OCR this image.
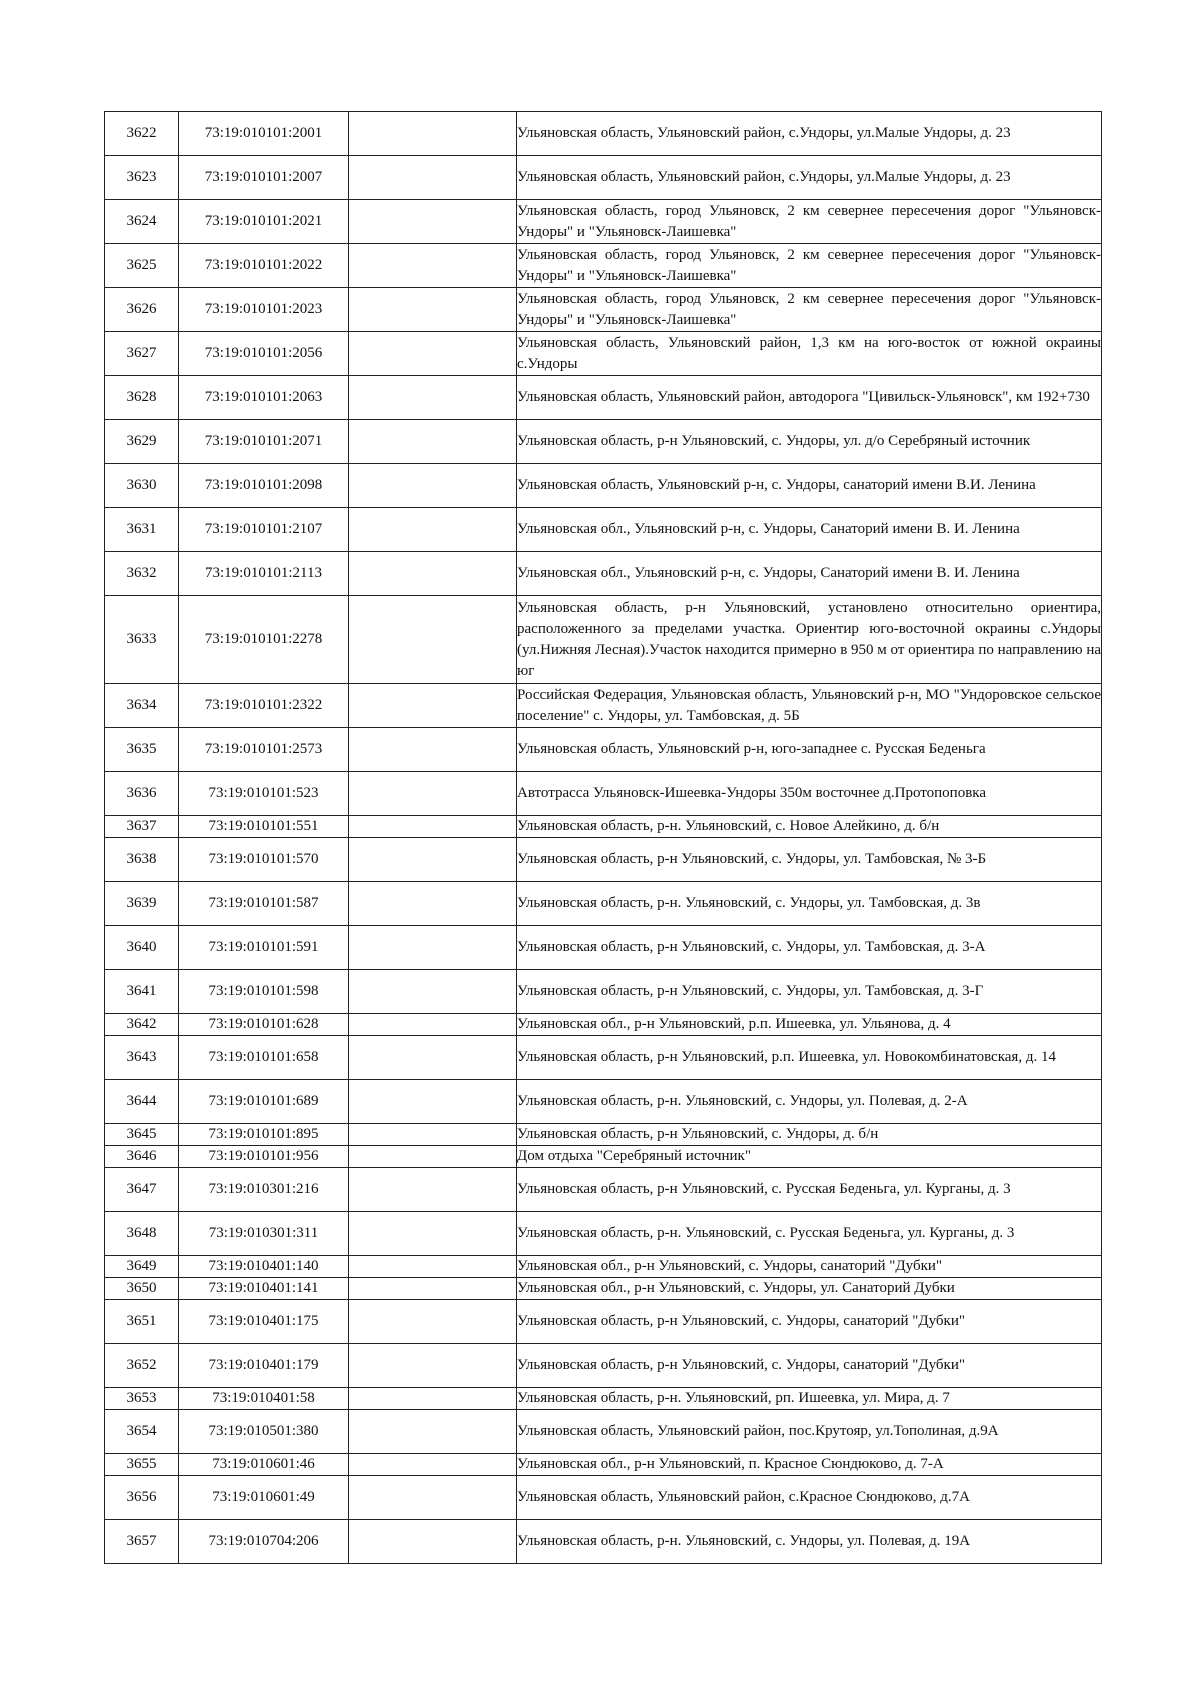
3622	73:19:010101:2001		Ульяновская область, Ульяновский район, с.Ундоры, ул.Малые Ундоры, д. 23
3623	73:19:010101:2007		Ульяновская область, Ульяновский район, с.Ундоры, ул.Малые Ундоры, д. 23
3624	73:19:010101:2021		Ульяновская область, город Ульяновск, 2 км севернее пересечения дорог "Ульяновск-Ундоры" и "Ульяновск-Лаишевка"
3625	73:19:010101:2022		Ульяновская область, город Ульяновск, 2 км севернее пересечения дорог "Ульяновск-Ундоры" и "Ульяновск-Лаишевка"
3626	73:19:010101:2023		Ульяновская область, город Ульяновск, 2 км севернее пересечения дорог "Ульяновск-Ундоры" и "Ульяновск-Лаишевка"
3627	73:19:010101:2056		Ульяновская область, Ульяновский район, 1,3 км на юго-восток от южной окраины с.Ундоры
3628	73:19:010101:2063		Ульяновская область, Ульяновский район, автодорога "Цивильск-Ульяновск", км 192+730
3629	73:19:010101:2071		Ульяновская область, р-н Ульяновский, с. Ундоры, ул. д/о Серебряный источник
3630	73:19:010101:2098		Ульяновская область, Ульяновский р-н, с. Ундоры, санаторий имени В.И. Ленина
3631	73:19:010101:2107		Ульяновская обл., Ульяновский р-н, с. Ундоры, Санаторий имени В. И. Ленина
3632	73:19:010101:2113		Ульяновская обл., Ульяновский р-н, с. Ундоры, Санаторий имени В. И. Ленина
3633	73:19:010101:2278		Ульяновская область, р-н Ульяновский, установлено относительно ориентира, расположенного за пределами участка. Ориентир юго-восточной окраины с.Ундоры (ул.Нижняя Лесная).Участок находится примерно в 950 м от ориентира по направлению на юг
3634	73:19:010101:2322		Российская Федерация, Ульяновская область, Ульяновский р-н, МО "Ундоровское сельское поселение" с. Ундоры, ул. Тамбовская, д. 5Б
3635	73:19:010101:2573		Ульяновская область, Ульяновский р-н, юго-западнее с. Русская Беденьга
3636	73:19:010101:523		Автотрасса Ульяновск-Ишеевка-Ундоры 350м восточнее д.Протопоповка
3637	73:19:010101:551		Ульяновская область, р-н. Ульяновский, с. Новое Алейкино, д. б/н
3638	73:19:010101:570		Ульяновская область, р-н Ульяновский, с. Ундоры, ул. Тамбовская, № 3-Б
3639	73:19:010101:587		Ульяновская область, р-н. Ульяновский, с. Ундоры, ул. Тамбовская, д. 3в
3640	73:19:010101:591		Ульяновская область, р-н Ульяновский, с. Ундоры, ул. Тамбовская, д. 3-А
3641	73:19:010101:598		Ульяновская область, р-н Ульяновский, с. Ундоры, ул. Тамбовская, д. 3-Г
3642	73:19:010101:628		Ульяновская обл., р-н Ульяновский, р.п. Ишеевка, ул. Ульянова, д. 4
3643	73:19:010101:658		Ульяновская область, р-н Ульяновский, р.п. Ишеевка, ул. Новокомбинатовская, д. 14
3644	73:19:010101:689		Ульяновская область, р-н. Ульяновский, с. Ундоры, ул. Полевая, д. 2-А
3645	73:19:010101:895		Ульяновская область, р-н Ульяновский, с. Ундоры, д. б/н
3646	73:19:010101:956		Дом отдыха "Серебряный источник"
3647	73:19:010301:216		Ульяновская область, р-н Ульяновский, с. Русская Беденьга, ул. Курганы, д. 3
3648	73:19:010301:311		Ульяновская область, р-н. Ульяновский, с. Русская Беденьга, ул. Курганы, д. 3
3649	73:19:010401:140		Ульяновская обл., р-н Ульяновский, с. Ундоры, санаторий "Дубки"
3650	73:19:010401:141		Ульяновская обл., р-н Ульяновский, с. Ундоры, ул. Санаторий Дубки
3651	73:19:010401:175		Ульяновская область, р-н Ульяновский, с. Ундоры, санаторий "Дубки"
3652	73:19:010401:179		Ульяновская область, р-н Ульяновский, с. Ундоры, санаторий "Дубки"
3653	73:19:010401:58		Ульяновская область, р-н. Ульяновский, рп. Ишеевка, ул. Мира, д. 7
3654	73:19:010501:380		Ульяновская область, Ульяновский район, пос.Крутояр, ул.Тополиная, д.9А
3655	73:19:010601:46		Ульяновская обл., р-н Ульяновский, п. Красное Сюндюково, д. 7-А
3656	73:19:010601:49		Ульяновская область, Ульяновский район, с.Красное Сюндюково, д.7А
3657	73:19:010704:206		Ульяновская область, р-н. Ульяновский, с. Ундоры, ул. Полевая, д. 19А
